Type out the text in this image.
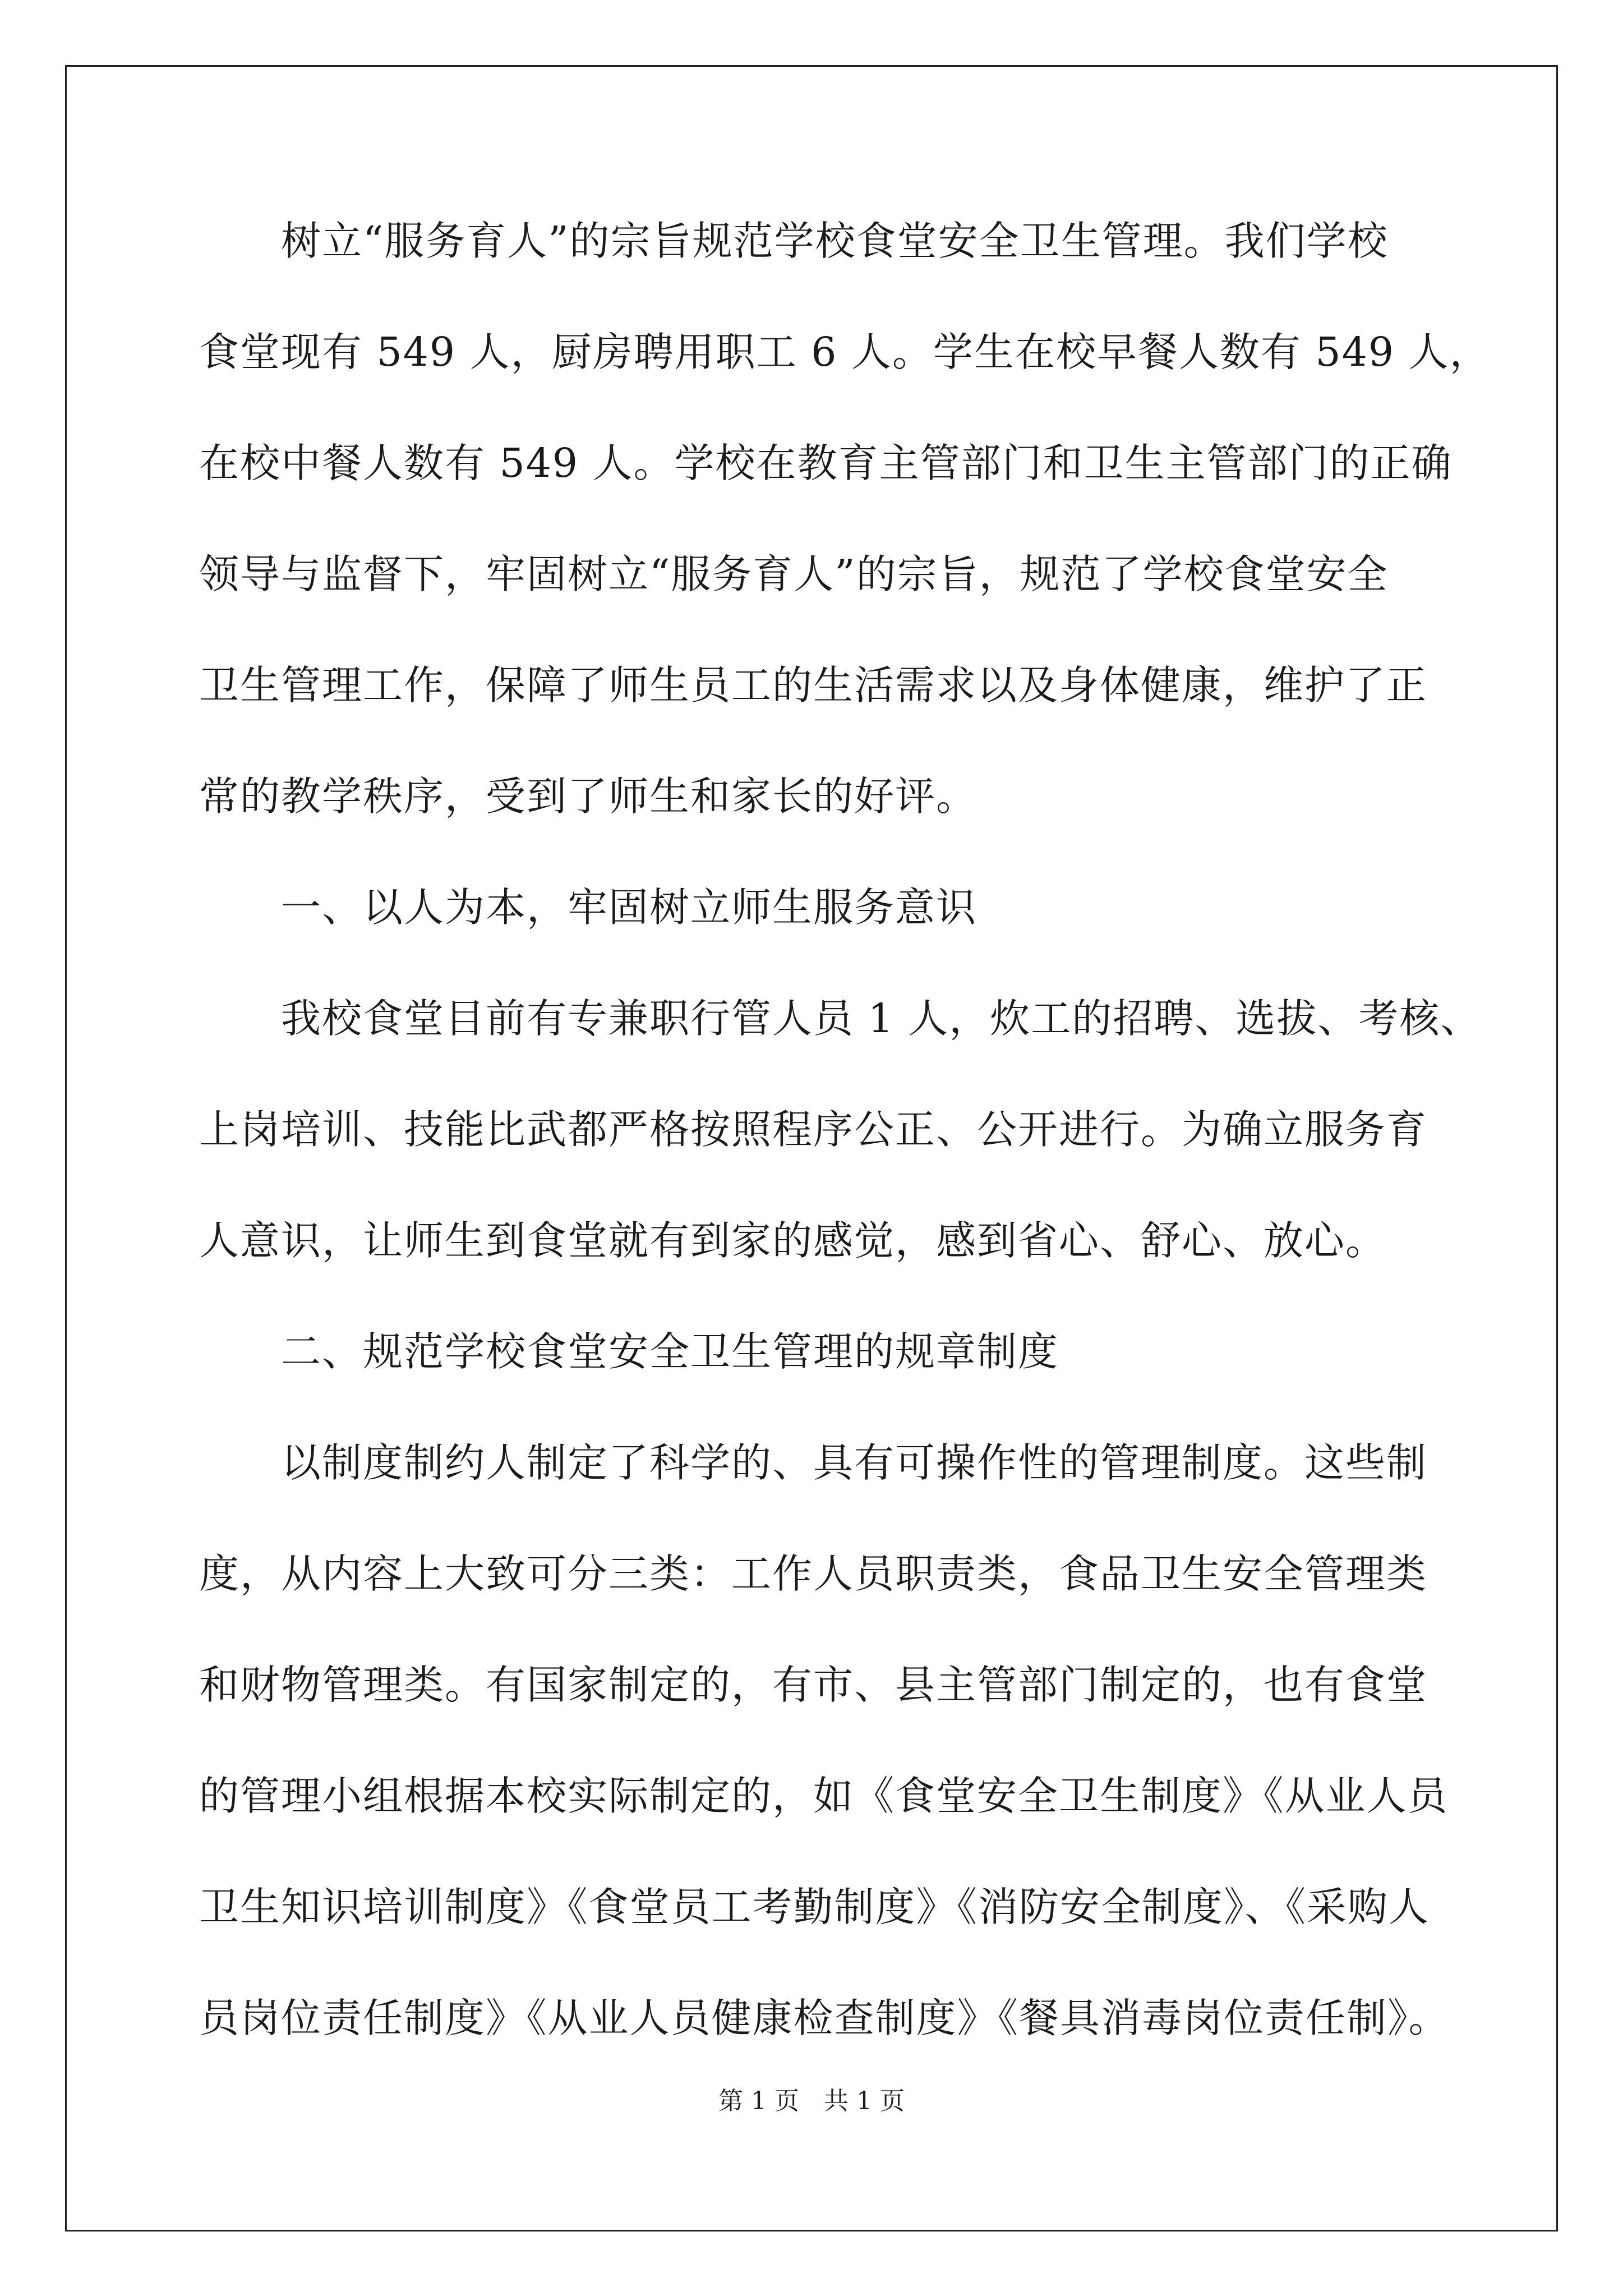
　　树立“服务育人”的宗旨规范学校食堂安全卫生管理。我们学校
食堂现有 549 人，厨房聘用职工 6 人。学生在校早餐人数有 549 人，
在校中餐人数有 549 人。学校在教育主管部门和卫生主管部门的正确
领导与监督下，牢固树立“服务育人”的宗旨，规范了学校食堂安全
卫生管理工作，保障了师生员工的生活需求以及身体健康，维护了正
常的教学秩序，受到了师生和家长的好评。
　　一、以人为本，牢固树立师生服务意识
　　我校食堂目前有专兼职行管人员 1 人，炊工的招聘、选拔、考核、
上岗培训、技能比武都严格按照程序公正、公开进行。为确立服务育
人意识，让师生到食堂就有到家的感觉，感到省心、舒心、放心。
　　二、规范学校食堂安全卫生管理的规章制度
　　以制度制约人制定了科学的、具有可操作性的管理制度。这些制
度，从内容上大致可分三类：工作人员职责类，食品卫生安全管理类
和财物管理类。有国家制定的，有市、县主管部门制定的，也有食堂
的管理小组根据本校实际制定的，如《食堂安全卫生制度》《从业人员
卫生知识培训制度》《食堂员工考勤制度》《消防安全制度》、《采购人
员岗位责任制度》《从业人员健康检查制度》《餐具消毒岗位责任制》。
第 1 页　共 1 页
